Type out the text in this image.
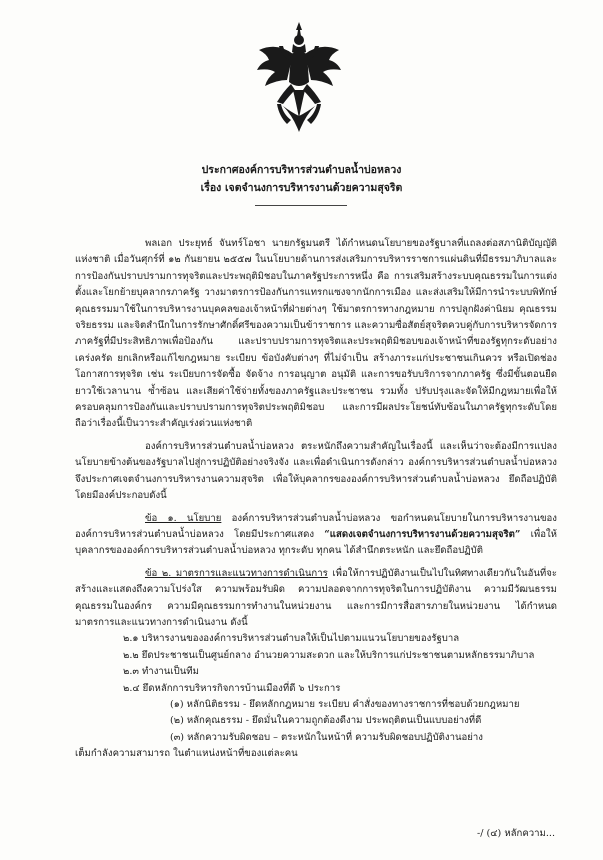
ประกาศองค์การบริหารส่วนตำบลน้ำบ่อหลวง
เรื่อง เจตจำนงการบริหารงานด้วยความสุจริต

พลเอก ประยุทธ์ จันทร์โอชา นายกรัฐมนตรี ได้กำหนดนโยบายของรัฐบาลที่แถลงต่อสภานิติบัญญัติแห่งชาติ เมื่อวันศุกร์ที่ ๑๒ กันยายน ๒๕๕๗ ในนโยบายด้านการส่งเสริมการบริหารราชการแผ่นดินที่มีธรรมาภิบาลและการป้องกันปราบปรามการทุจริตและประพฤติมิชอบในภาครัฐประการหนึ่ง คือ การเสริมสร้างระบบคุณธรรมในการแต่งตั้งและโยกย้ายบุคลากรภาครัฐ วางมาตรการป้องกันการแทรกแซงจากนักการเมือง และส่งเสริมให้มีการนำระบบพิทักษ์คุณธรรมมาใช้ในการบริหารงานบุคคลของเจ้าหน้าที่ฝ่ายต่างๆ ใช้มาตรการทางกฎหมาย การปลูกฝังค่านิยม คุณธรรม จริยธรรม และจิตสำนึกในการรักษาศักดิ์ศรีของความเป็นข้าราชการ และความซื่อสัตย์สุจริตควบคู่กับการบริหารจัดการภาครัฐที่มีประสิทธิภาพเพื่อป้องกัน และปราบปรามการทุจริตและประพฤติมิชอบของเจ้าหน้าที่ของรัฐทุกระดับอย่างเคร่งครัด ยกเลิกหรือแก้ไขกฎหมาย ระเบียบ ข้อบังคับต่างๆ ที่ไม่จำเป็น สร้างภาระแก่ประชาชนเกินควร หรือเปิดช่องโอกาสการทุจริต เช่น ระเบียบการจัดซื้อ จัดจ้าง การอนุญาต อนุมัติ และการขอรับบริการจากภาครัฐ ซึ่งมีขั้นตอนยืดยาวใช้เวลานาน ซ้ำซ้อน และเสียค่าใช้จ่ายทั้งของภาครัฐและประชาชน รวมทั้ง ปรับปรุงและจัดให้มีกฎหมายเพื่อให้ครอบคลุมการป้องกันและปราบปรามการทุจริตประพฤติมิชอบ และการมีผลประโยชน์ทับซ้อนในภาครัฐทุกระดับโดยถือว่าเรื่องนี้เป็นวาระสำคัญเร่งด่วนแห่งชาติ

องค์การบริหารส่วนตำบลน้ำบ่อหลวง ตระหนักถึงความสำคัญในเรื่องนี้ และเห็นว่าจะต้องมีการแปลงนโยบายข้างต้นของรัฐบาลไปสู่การปฏิบัติอย่างจริงจัง และเพื่อดำเนินการดังกล่าว องค์การบริหารส่วนตำบลน้ำบ่อหลวง จึงประกาศเจตจำนงการบริหารงานความสุจริต เพื่อให้บุคลากรขององค์การบริหารส่วนตำบลน้ำบ่อหลวง ยึดถือปฏิบัติ โดยมีองค์ประกอบดังนี้

ข้อ ๑. นโยบาย องค์การบริหารส่วนตำบลน้ำบ่อหลวง ขอกำหนดนโยบายในการบริหารงานขององค์การบริหารส่วนตำบลน้ำบ่อหลวง โดยมีประกาศแสดง “แสดงเจตจำนงการบริหารงานด้วยความสุจริต” เพื่อให้บุคลากรขององค์การบริหารส่วนตำบลน้ำบ่อหลวง ทุกระดับ ทุกคน ได้สำนึกตระหนัก และยึดถือปฏิบัติ

ข้อ ๒. มาตรการและแนวทางการดำเนินการ เพื่อให้การปฏิบัติงานเป็นไปในทิศทางเดียวกันในอันที่จะสร้างและแสดงถึงความโปร่งใส ความพร้อมรับผิด ความปลอดจากการทุจริตในการปฏิบัติงาน ความมีวัฒนธรรมคุณธรรมในองค์กร ความมีคุณธรรมการทำงานในหน่วยงาน และการมีการสื่อสารภายในหน่วยงาน ได้กำหนดมาตรการและแนวทางการดำเนินงาน ดังนี้

๒.๑ บริหารงานขององค์การบริหารส่วนตำบลให้เป็นไปตามแนวนโยบายของรัฐบาล
๒.๒ ยึดประชาชนเป็นศูนย์กลาง อำนวยความสะดวก และให้บริการแก่ประชาชนตามหลักธรรมาภิบาล
๒.๓ ทำงานเป็นทีม
๒.๔ ยึดหลักการบริหารกิจการบ้านเมืองที่ดี ๖ ประการ
(๑) หลักนิติธรรม - ยึดหลักกฎหมาย ระเบียบ คำสั่งของทางราชการที่ชอบด้วยกฎหมาย
(๒) หลักคุณธรรม - ยึดมั่นในความถูกต้องดีงาม ประพฤติตนเป็นแบบอย่างที่ดี
(๓) หลักความรับผิดชอบ – ตระหนักในหน้าที่ ความรับผิดชอบปฏิบัติงานอย่าง
เต็มกำลังความสามารถ ในตำแหน่งหน้าที่ของแต่ละคน
-/ (๔) หลักความ...
